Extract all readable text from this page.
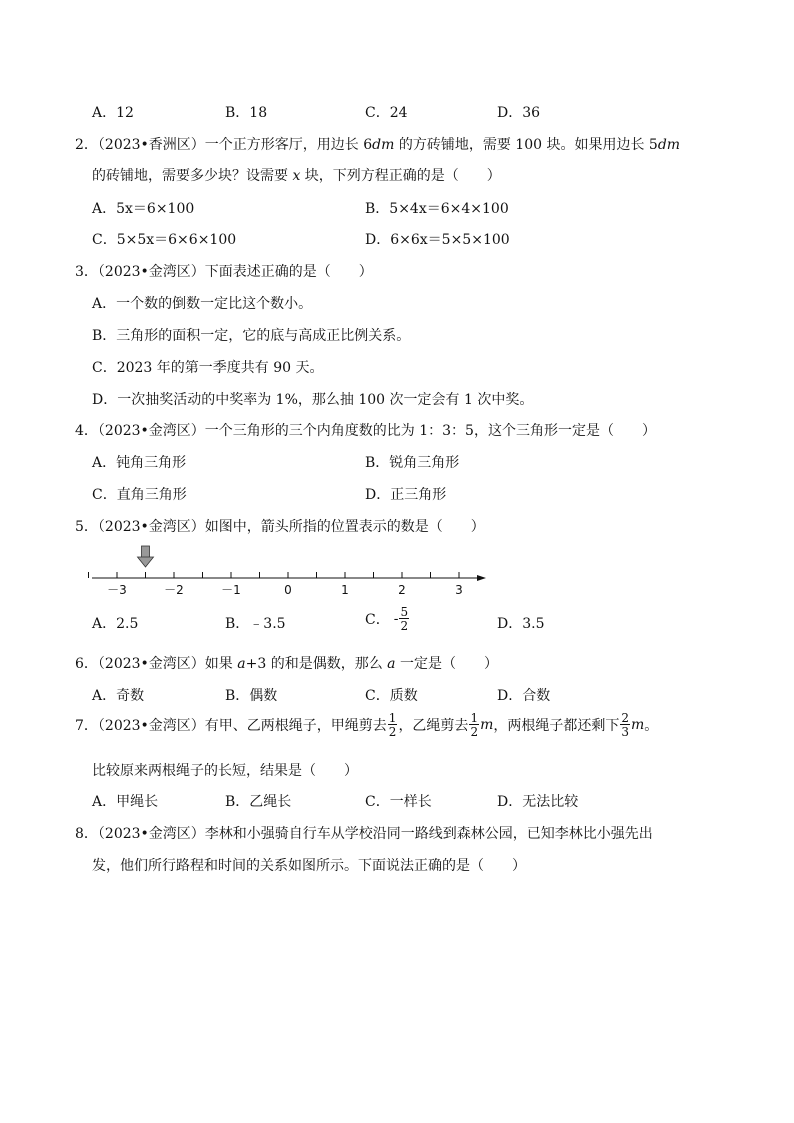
A．12	B．18	C．24	D．36
2．（2023•香洲区）一个正方形客厅，用边长 6dm 的方砖铺地，需要 100 块。如果用边长 5dm
的砖铺地，需要多少块？设需要 x 块，下列方程正确的是（　　）
A．5x＝6×100	B．5×4x＝6×4×100
C．5×5x＝6×6×100	D．6×6x＝5×5×100
3．（2023•金湾区）下面表述正确的是（　　）
A．一个数的倒数一定比这个数小。
B．三角形的面积一定，它的底与高成正比例关系。
C．2023 年的第一季度共有 90 天。
D．一次抽奖活动的中奖率为 1%，那么抽 100 次一定会有 1 次中奖。
4．（2023•金湾区）一个三角形的三个内角度数的比为 1：3：5，这个三角形一定是（　　）
A．钝角三角形	B．锐角三角形
C．直角三角形	D．正三角形
5．（2023•金湾区）如图中，箭头所指的位置表示的数是（　　）
－3	－2	－1	0	1	2	3
A．2.5	B．﹣3.5	C． - $\frac{5}{2}$	D．3.5
6．（2023•金湾区）如果 a+3 的和是偶数，那么 a 一定是（　　）
A．奇数	B．偶数	C．质数	D．合数
7．（2023•金湾区）有甲、乙两根绳子，甲绳剪去 $\frac{1}{2}$ ，乙绳剪去 $\frac{1}{2}$ m，两根绳子都还剩下 $\frac{2}{3}$ m。
比较原来两根绳子的长短，结果是（　　）
A．甲绳长	B．乙绳长	C．一样长	D．无法比较
8．（2023•金湾区）李林和小强骑自行车从学校沿同一路线到森林公园，已知李林比小强先出
发，他们所行路程和时间的关系如图所示。下面说法正确的是（　　）
